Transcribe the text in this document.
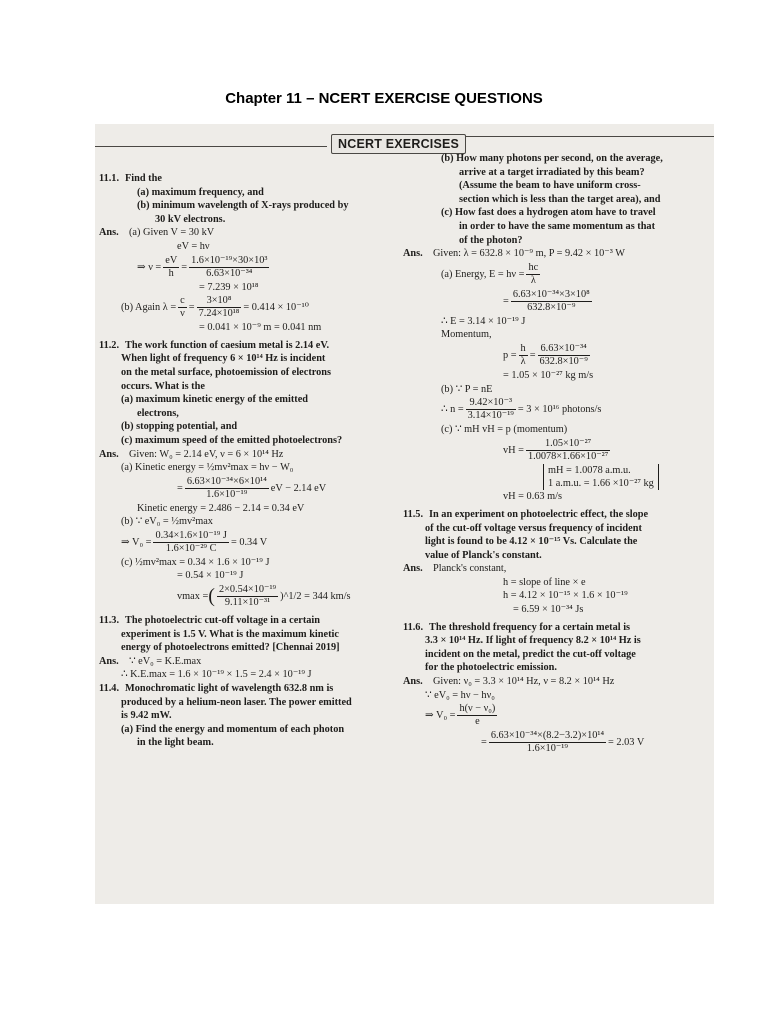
Chapter 11 – NCERT EXERCISE QUESTIONS
NCERT EXERCISES
11.1. Find the
(a) maximum frequency, and
(b) minimum wavelength of X-rays produced by
30 kV electrons.
Ans. (a) Given V = 30 kV
eV = hν
⇒ $\nu = \frac{eV}{h} = \frac{\text{1.6×10⁻¹⁹×30×10³}}{\text{6.63×10⁻³⁴}}$
= 7.239 × 10¹⁸
(b) Again $\lambda = \frac{c}{\nu} = \frac{\text{3×10⁸}}{\text{7.24×10¹⁸}} = 0.414 \times 10^{-10}$
= 0.041 × 10⁻⁹ m = 0.041 nm
11.2. The work function of caesium metal is 2.14 eV.
When light of frequency 6 × 10¹⁴ Hz is incident
on the metal surface, photoemission of electrons
occurs. What is the
(a) maximum kinetic energy of the emitted
electrons,
(b) stopping potential, and
(c) maximum speed of the emitted photoelectrons?
Ans. Given: W₀ = 2.14 eV, ν = 6 × 10¹⁴ Hz
(a) Kinetic energy = ½mv²max = hν − W₀
= $\frac{\text{6.63×10⁻³⁴×6×10¹⁴}}{\text{1.6×10⁻¹⁹}}$ eV − 2.14 eV
Kinetic energy = 2.486 − 2.14 = 0.34 eV
(b) ∵ eV₀ = ½mv²max
⇒ $V_0 = \frac{\text{0.34×1.6×10⁻¹⁹ J}}{\text{1.6×10⁻²⁹ C}} = 0.34$ V
(c) ½mv²max = 0.34 × 1.6 × 10⁻¹⁹ J
= 0.54 × 10⁻¹⁹ J
vmax = ( $\frac{\text{2×0.54×10⁻¹⁹}}{\text{9.11×10⁻³¹}}$ )^1/2 = 344 km/s
11.3. The photoelectric cut-off voltage in a certain
experiment is 1.5 V. What is the maximum kinetic
energy of photoelectrons emitted? [Chennai 2019]
Ans. ∵ eV₀ = K.E.max
∴ K.E.max = 1.6 × 10⁻¹⁹ × 1.5 = 2.4 × 10⁻¹⁹ J
11.4. Monochromatic light of wavelength 632.8 nm is
produced by a helium-neon laser. The power emitted
is 9.42 mW.
(a) Find the energy and momentum of each photon
in the light beam.
(b) How many photons per second, on the average,
arrive at a target irradiated by this beam?
(Assume the beam to have uniform cross-
section which is less than the target area), and
(c) How fast does a hydrogen atom have to travel
in order to have the same momentum as that
of the photon?
Ans. Given: λ = 632.8 × 10⁻⁹ m, P = 9.42 × 10⁻³ W
(a) Energy, $E = h\nu = \frac{hc}{\lambda}$
= $\frac{\text{6.63×10⁻³⁴×3×10⁸}}{\text{632.8×10⁻⁹}}$
∴ E = 3.14 × 10⁻¹⁹ J
Momentum,
$p = \frac{h}{\lambda} = \frac{\text{6.63×10⁻³⁴}}{\text{632.8×10⁻⁹}}$
= 1.05 × 10⁻²⁷ kg m/s
(b) ∵ P = nE
∴ $n = \frac{\text{9.42×10⁻³}}{\text{3.14×10⁻¹⁹}} = 3 \times 10^{16}$ photons/s
(c) ∵ mH vH = p (momentum)
vH = $\frac{\text{1.05×10⁻²⁷}}{\text{1.0078×1.66×10⁻²⁷}}$
mH = 1.0078 a.m.u.
1 a.m.u. = 1.66 ×10⁻²⁷ kg
vH = 0.63 m/s
11.5. In an experiment on photoelectric effect, the slope
of the cut-off voltage versus frequency of incident
light is found to be 4.12 × 10⁻¹⁵ Vs. Calculate the
value of Planck's constant.
Ans. Planck's constant,
h = slope of line × e
h = 4.12 × 10⁻¹⁵ × 1.6 × 10⁻¹⁹
= 6.59 × 10⁻³⁴ Js
11.6. The threshold frequency for a certain metal is
3.3 × 10¹⁴ Hz. If light of frequency 8.2 × 10¹⁴ Hz is
incident on the metal, predict the cut-off voltage
for the photoelectric emission.
Ans. Given: ν₀ = 3.3 × 10¹⁴ Hz, ν = 8.2 × 10¹⁴ Hz
∵ eV₀ = hν − hν₀
⇒ $V_0 = \frac{\text{h(ν − ν₀)}}{e}$
= $\frac{\text{6.63×10⁻³⁴×(8.2−3.2)×10¹⁴}}{\text{1.6×10⁻¹⁹}} = 2.03$ V
